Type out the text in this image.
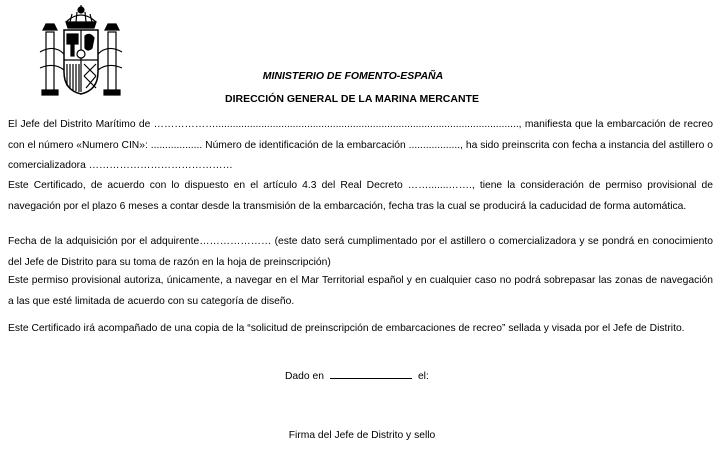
MINISTERIO DE FOMENTO-ESPAÑA
DIRECCIÓN GENERAL DE LA MARINA MERCANTE

El Jefe del Distrito Marítimo de ……………….........................................................................................................., manifiesta que la embarcación de recreo con el número «Numero CIN»: .................. Número de identificación de la embarcación .................., ha sido preinscrita con fecha a instancia del astillero o comercializadora ……………………………………

Este Certificado, de acuerdo con lo dispuesto en el artículo 4.3 del Real Decreto …….......……., tiene la consideración de permiso provisional de navegación por el plazo 6 meses a contar desde la transmisión de la embarcación, fecha tras la cual se producirá la caducidad de forma automática.

Fecha de la adquisición por el adquirente………………… (este dato será cumplimentado por el astillero o comercializadora y se pondrá en conocimiento del Jefe de Distrito para su toma de razón en la hoja de preinscripción)

Este permiso provisional autoriza, únicamente, a navegar en el Mar Territorial español y en cualquier caso no podrá sobrepasar las zonas de navegación a las que esté limitada de acuerdo con su categoría de diseño.

Este Certificado irá acompañado de una copia de la “solicitud de preinscripción de embarcaciones de recreo” sellada y visada por el Jefe de Distrito.

Dado en	el:
Firma del Jefe de Distrito y sello
